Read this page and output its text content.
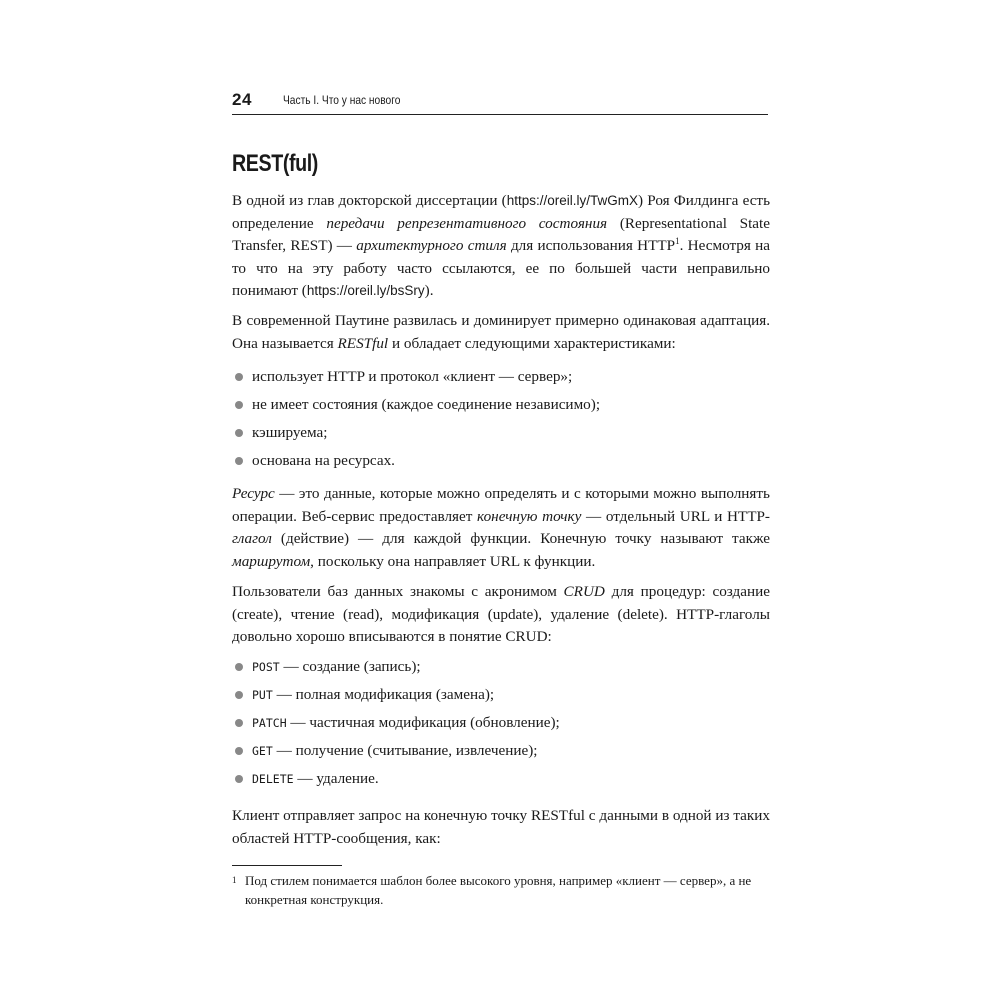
24	Часть I. Что у нас нового
REST(ful)

В одной из глав докторской диссертации (https://oreil.ly/TwGmX) Роя Филдинга есть определение передачи репрезентативного состояния (Representational State Transfer, REST) — архитектурного стиля для использования HTTP$^1$. Несмотря на то что на эту работу часто ссылаются, ее по большей части неправильно понимают (https://oreil.ly/bsSry).

В современной Паутине развилась и доминирует примерно одинаковая адаптация. Она называется RESTful и обладает следующими характеристиками:

использует HTTP и протокол «клиент — сервер»;
не имеет состояния (каждое соединение независимо);
кэшируема;
основана на ресурсах.

Ресурс — это данные, которые можно определять и с которыми можно выполнять операции. Веб-сервис предоставляет конечную точку — отдельный URL и HTTP-глагол (действие) — для каждой функции. Конечную точку называют также маршрутом, поскольку она направляет URL к функции.

Пользователи баз данных знакомы с акронимом CRUD для процедур: создание (create), чтение (read), модификация (update), удаление (delete). HTTP-глаголы довольно хорошо вписываются в понятие CRUD:

POST — создание (запись);
PUT — полная модификация (замена);
PATCH — частичная модификация (обновление);
GET — получение (считывание, извлечение);
DELETE — удаление.

Клиент отправляет запрос на конечную точку RESTful с данными в одной из таких областей HTTP-сообщения, как:

1 Под стилем понимается шаблон более высокого уровня, например «клиент — сервер», а не конкретная конструкция.
